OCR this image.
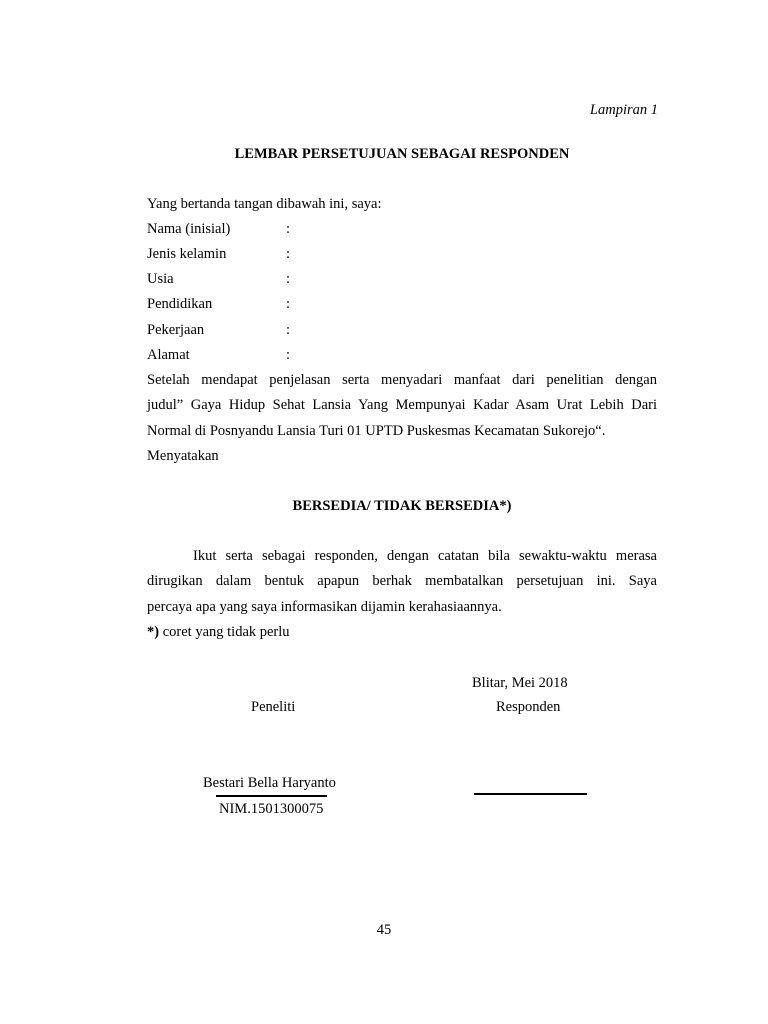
Lampiran 1
LEMBAR PERSETUJUAN SEBAGAI RESPONDEN
Yang bertanda tangan dibawah ini, saya:
Nama (inisial)	:
Jenis kelamin	:
Usia	:
Pendidikan	:
Pekerjaan	:
Alamat	:
Setelah mendapat penjelasan serta menyadari manfaat dari penelitian dengan
judul” Gaya Hidup Sehat Lansia Yang Mempunyai Kadar Asam Urat Lebih Dari
Normal di Posnyandu Lansia Turi 01 UPTD Puskesmas Kecamatan Sukorejo“.
Menyatakan
BERSEDIA/ TIDAK BERSEDIA*)
Ikut serta sebagai responden, dengan catatan bila sewaktu-waktu merasa
dirugikan dalam bentuk apapun berhak membatalkan persetujuan ini. Saya
percaya apa yang saya informasikan dijamin kerahasiaannya.
*) coret yang tidak perlu
Blitar, Mei 2018
Peneliti	Responden
Bestari Bella Haryanto
NIM.1501300075
45
